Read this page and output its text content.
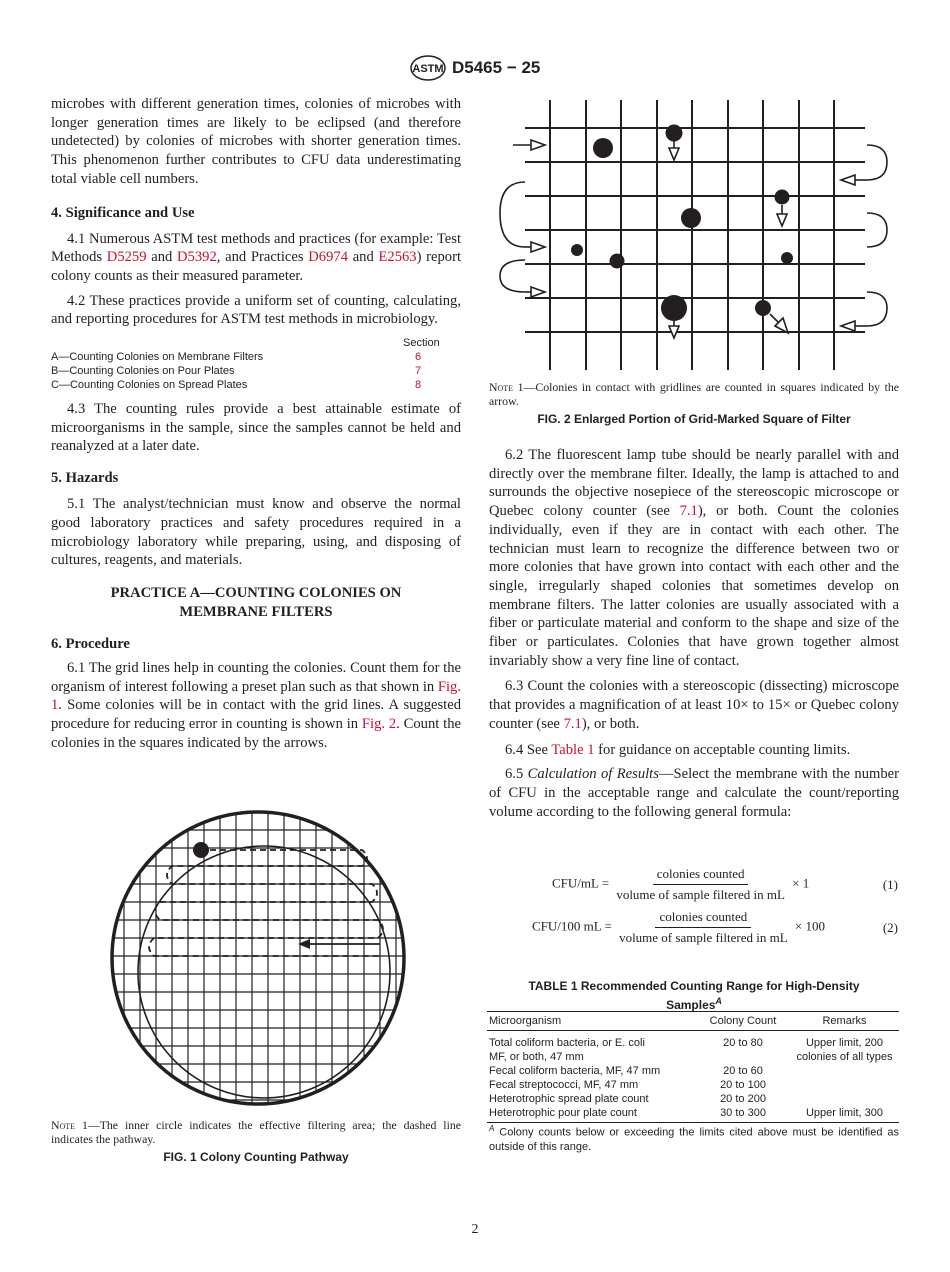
ASTM D5465 − 25

microbes with different generation times, colonies of microbes with longer generation times are likely to be eclipsed (and therefore undetected) by colonies of microbes with shorter generation times. This phenomenon further contributes to CFU data underestimating total viable cell numbers.

4. Significance and Use

4.1 Numerous ASTM test methods and practices (for example: Test Methods D5259 and D5392, and Practices D6974 and E2563) report colony counts as their measured parameter.

4.2 These practices provide a uniform set of counting, calculating, and reporting procedures for ASTM test methods in microbiology.

Section
A—Counting Colonies on Membrane Filters	6
B—Counting Colonies on Pour Plates	7
C—Counting Colonies on Spread Plates	8

4.3 The counting rules provide a best attainable estimate of microorganisms in the sample, since the samples cannot be held and reanalyzed at a later date.

5. Hazards

5.1 The analyst/technician must know and observe the normal good laboratory practices and safety procedures required in a microbiology laboratory while preparing, using, and disposing of cultures, reagents, and materials.

PRACTICE A—COUNTING COLONIES ON

MEMBRANE FILTERS

6. Procedure

6.1 The grid lines help in counting the colonies. Count them for the organism of interest following a preset plan such as that shown in Fig. 1. Some colonies will be in contact with the grid lines. A suggested procedure for reducing error in counting is shown in Fig. 2. Count the colonies in the squares indicated by the arrows.

Note 1—The inner circle indicates the effective filtering area; the dashed line indicates the pathway.

FIG. 1 Colony Counting Pathway

Note 1—Colonies in contact with gridlines are counted in squares indicated by the arrow.

FIG. 2 Enlarged Portion of Grid-Marked Square of Filter

6.2 The fluorescent lamp tube should be nearly parallel with and directly over the membrane filter. Ideally, the lamp is attached to and surrounds the objective nosepiece of the stereoscopic microscope or Quebec colony counter (see 7.1), or both. Count the colonies individually, even if they are in contact with each other. The technician must learn to recognize the difference between two or more colonies that have grown into contact with each other and the single, irregularly shaped colonies that sometimes develop on membrane filters. The latter colonies are usually associated with a fiber or particulate material and conform to the shape and size of the fiber or particulates. Colonies that have grown together almost invariably show a very fine line of contact.

6.3 Count the colonies with a stereoscopic (dissecting) microscope that provides a magnification of at least 10× to 15× or Quebec colony counter (see 7.1), or both.

6.4 See Table 1 for guidance on acceptable counting limits.

6.5 Calculation of Results—Select the membrane with the number of CFU in the acceptable range and calculate the count/reporting volume according to the following general formula:

$CFU/mL = \frac{\text{colonies counted}}{\text{volume of sample filtered in mL}} \times 1$	(1)
CFU/100 mL = $\frac{\text{colonies counted}}{\text{volume of sample filtered in mL}} \times 100$	(2)
TABLE 1 Recommended Counting Range for High-Density
Samples$^A$
Microorganism	Colony Count	Remarks
Total coliform bacteria, or E. coli	20 to 80	Upper limit, 200
MF, or both, 47 mm		colonies of all types
Fecal coliform bacteria, MF, 47 mm	20 to 60	
Fecal streptococci, MF, 47 mm	20 to 100	
Heterotrophic spread plate count	20 to 200	
Heterotrophic pour plate count	30 to 300	Upper limit, 300
$^A$ Colony counts below or exceeding the limits cited above must be identified as outside of this range.
2
